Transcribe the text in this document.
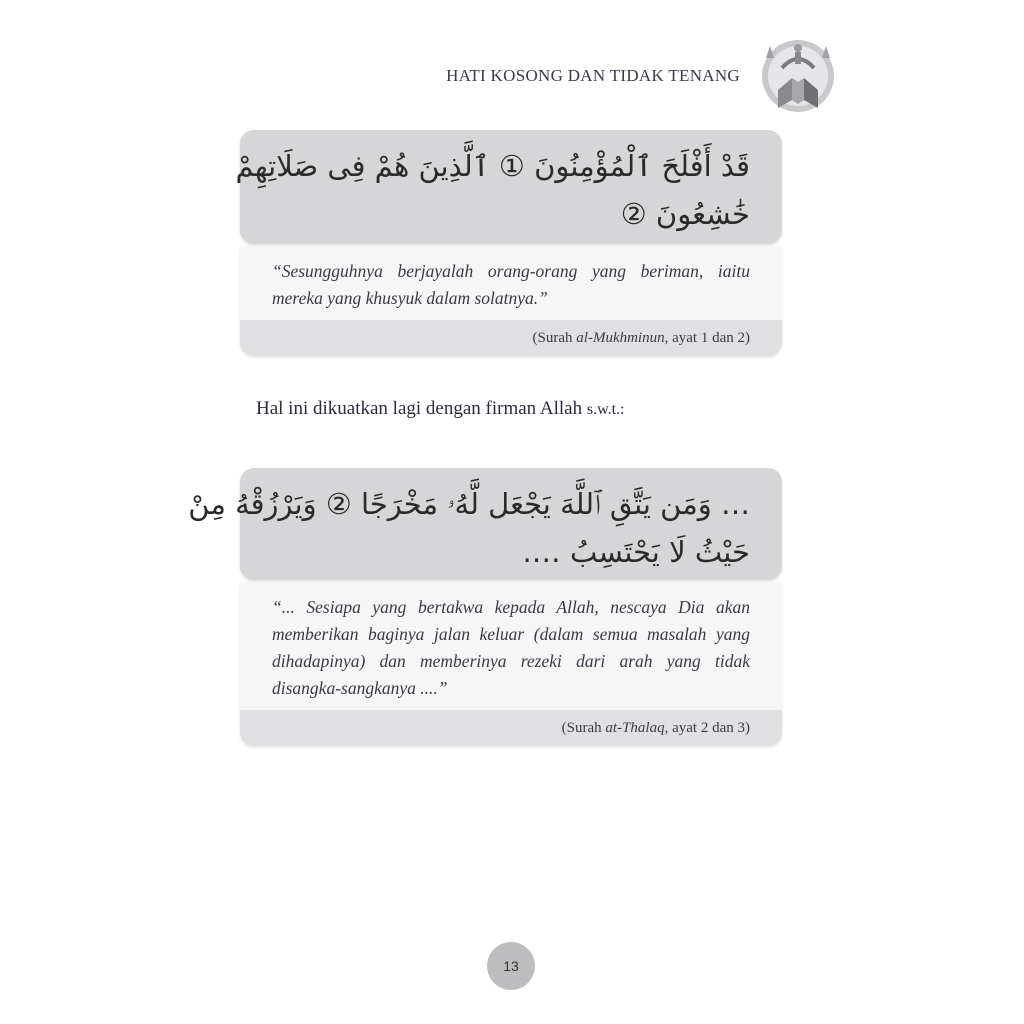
HATI KOSONG DAN TIDAK TENANG
قَدْ أَفْلَحَ ٱلْمُؤْمِنُونَ ① ٱلَّذِينَ هُمْ فِى صَلَاتِهِمْ
خَٰشِعُونَ ②
“Sesungguhnya berjayalah orang-orang yang beriman, iaitu mereka yang khusyuk dalam solatnya.”
(Surah al-Mukhminun, ayat 1 dan 2)
Hal ini dikuatkan lagi dengan firman Allah s.w.t.:
… وَمَن يَتَّقِ ٱللَّهَ يَجْعَل لَّهُۥ مَخْرَجًا ② وَيَرْزُقْهُ مِنْ
حَيْثُ لَا يَحْتَسِبُ ….
“... Sesiapa yang bertakwa kepada Allah, nescaya Dia akan memberikan baginya jalan keluar (dalam semua masalah yang dihadapinya) dan memberinya rezeki dari arah yang tidak disangka-sangkanya ....”
(Surah at-Thalaq, ayat 2 dan 3)
13
